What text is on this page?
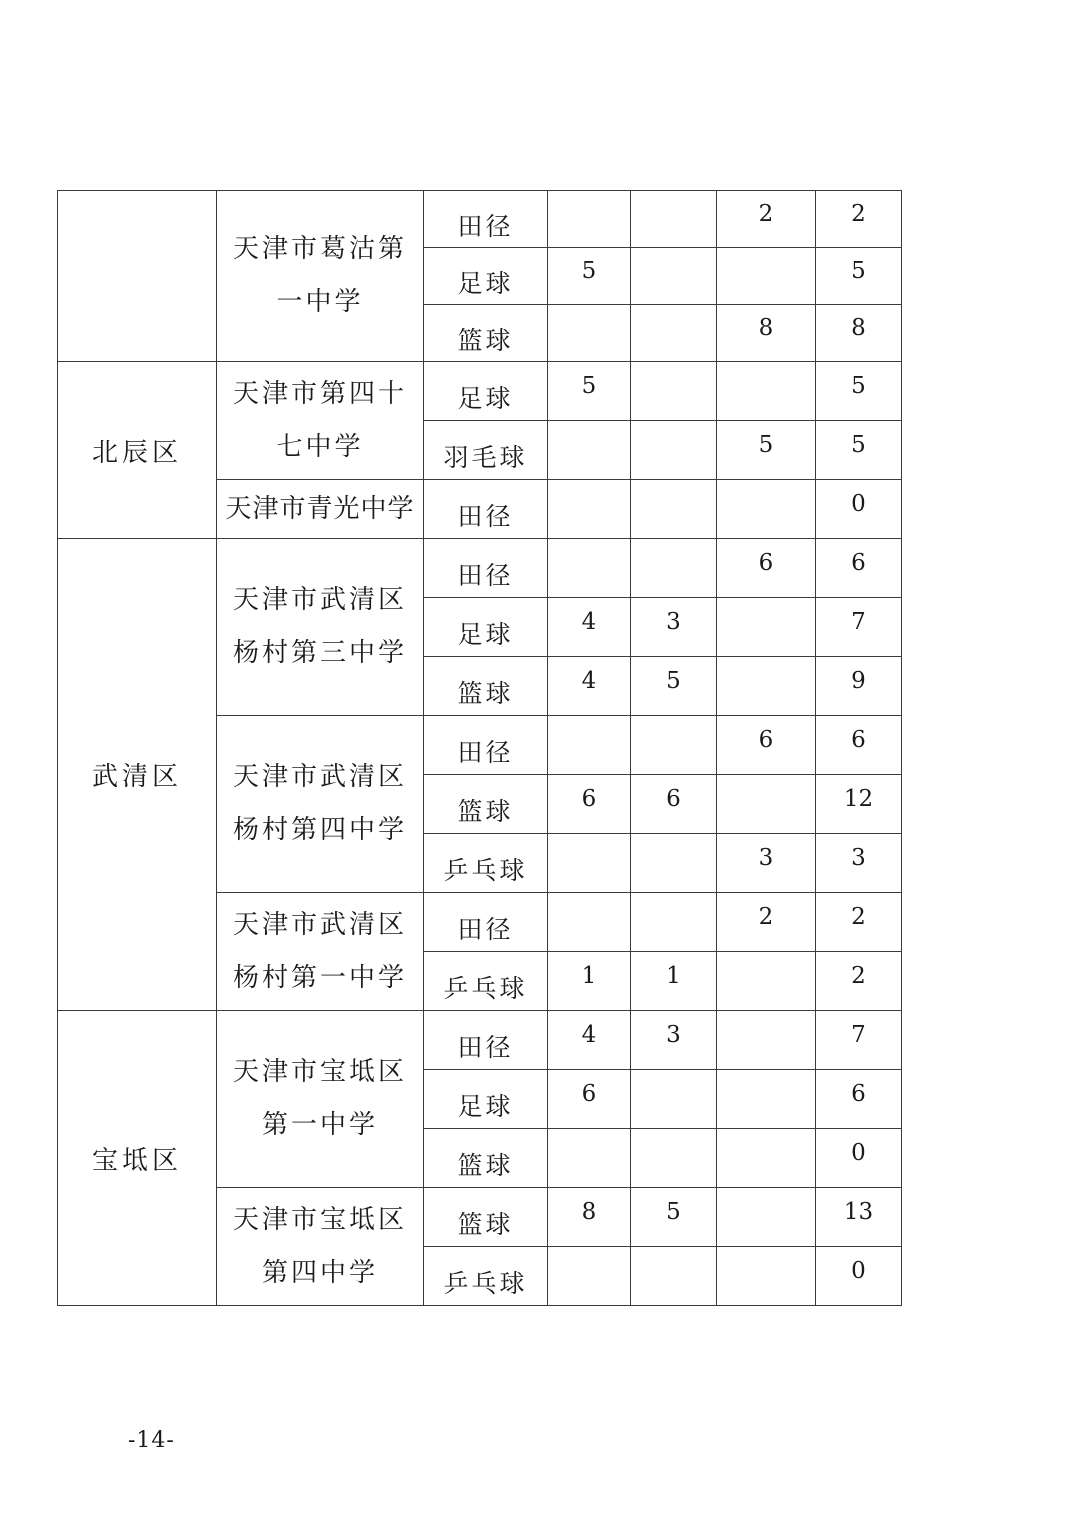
	天津市葛沽第一中学	田径			2	2
		足球	5			5
		篮球			8	8
北辰区	天津市第四十七中学	足球	5			5
		羽毛球			5	5
	天津市青光中学	田径				0
武清区	天津市武清区杨村第三中学	田径			6	6
		足球	4	3		7
		篮球	4	5		9
	天津市武清区杨村第四中学	田径			6	6
		篮球	6	6		12
		乒乓球			3	3
	天津市武清区杨村第一中学	田径			2	2
		乒乓球	1	1		2
宝坻区	天津市宝坻区第一中学	田径	4	3		7
		足球	6			6
		篮球				0
	天津市宝坻区第四中学	篮球	8	5		13
		乒乓球				0
-14-
